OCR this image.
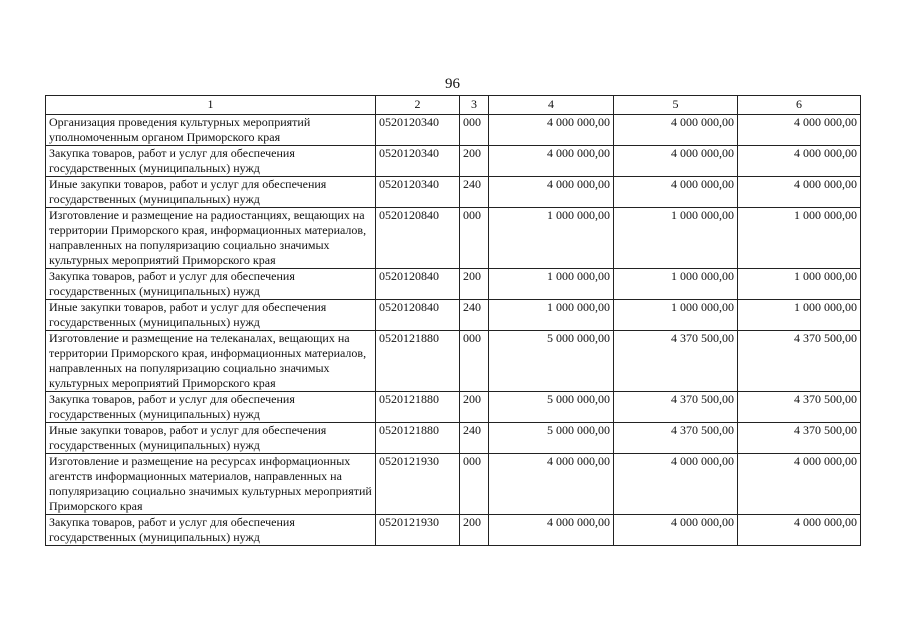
96
1	2	3	4	5	6
Организация проведения культурных мероприятий уполномоченным органом Приморского края	0520120340	000	4 000 000,00	4 000 000,00	4 000 000,00
Закупка товаров, работ и услуг для обеспечения государственных (муниципальных) нужд	0520120340	200	4 000 000,00	4 000 000,00	4 000 000,00
Иные закупки товаров, работ и услуг для обеспечения государственных (муниципальных) нужд	0520120340	240	4 000 000,00	4 000 000,00	4 000 000,00
Изготовление и размещение на радиостанциях, вещающих на территории Приморского края, информационных материалов, направленных на популяризацию социально значимых культурных мероприятий Приморского края	0520120840	000	1 000 000,00	1 000 000,00	1 000 000,00
Закупка товаров, работ и услуг для обеспечения государственных (муниципальных) нужд	0520120840	200	1 000 000,00	1 000 000,00	1 000 000,00
Иные закупки товаров, работ и услуг для обеспечения государственных (муниципальных) нужд	0520120840	240	1 000 000,00	1 000 000,00	1 000 000,00
Изготовление и размещение на телеканалах, вещающих на территории Приморского края, информационных материалов, направленных на популяризацию социально значимых культурных мероприятий Приморского края	0520121880	000	5 000 000,00	4 370 500,00	4 370 500,00
Закупка товаров, работ и услуг для обеспечения государственных (муниципальных) нужд	0520121880	200	5 000 000,00	4 370 500,00	4 370 500,00
Иные закупки товаров, работ и услуг для обеспечения государственных (муниципальных) нужд	0520121880	240	5 000 000,00	4 370 500,00	4 370 500,00
Изготовление и размещение на ресурсах информационных агентств информационных материалов, направленных на популяризацию социально значимых культурных мероприятий Приморского края	0520121930	000	4 000 000,00	4 000 000,00	4 000 000,00
Закупка товаров, работ и услуг для обеспечения государственных (муниципальных) нужд	0520121930	200	4 000 000,00	4 000 000,00	4 000 000,00
